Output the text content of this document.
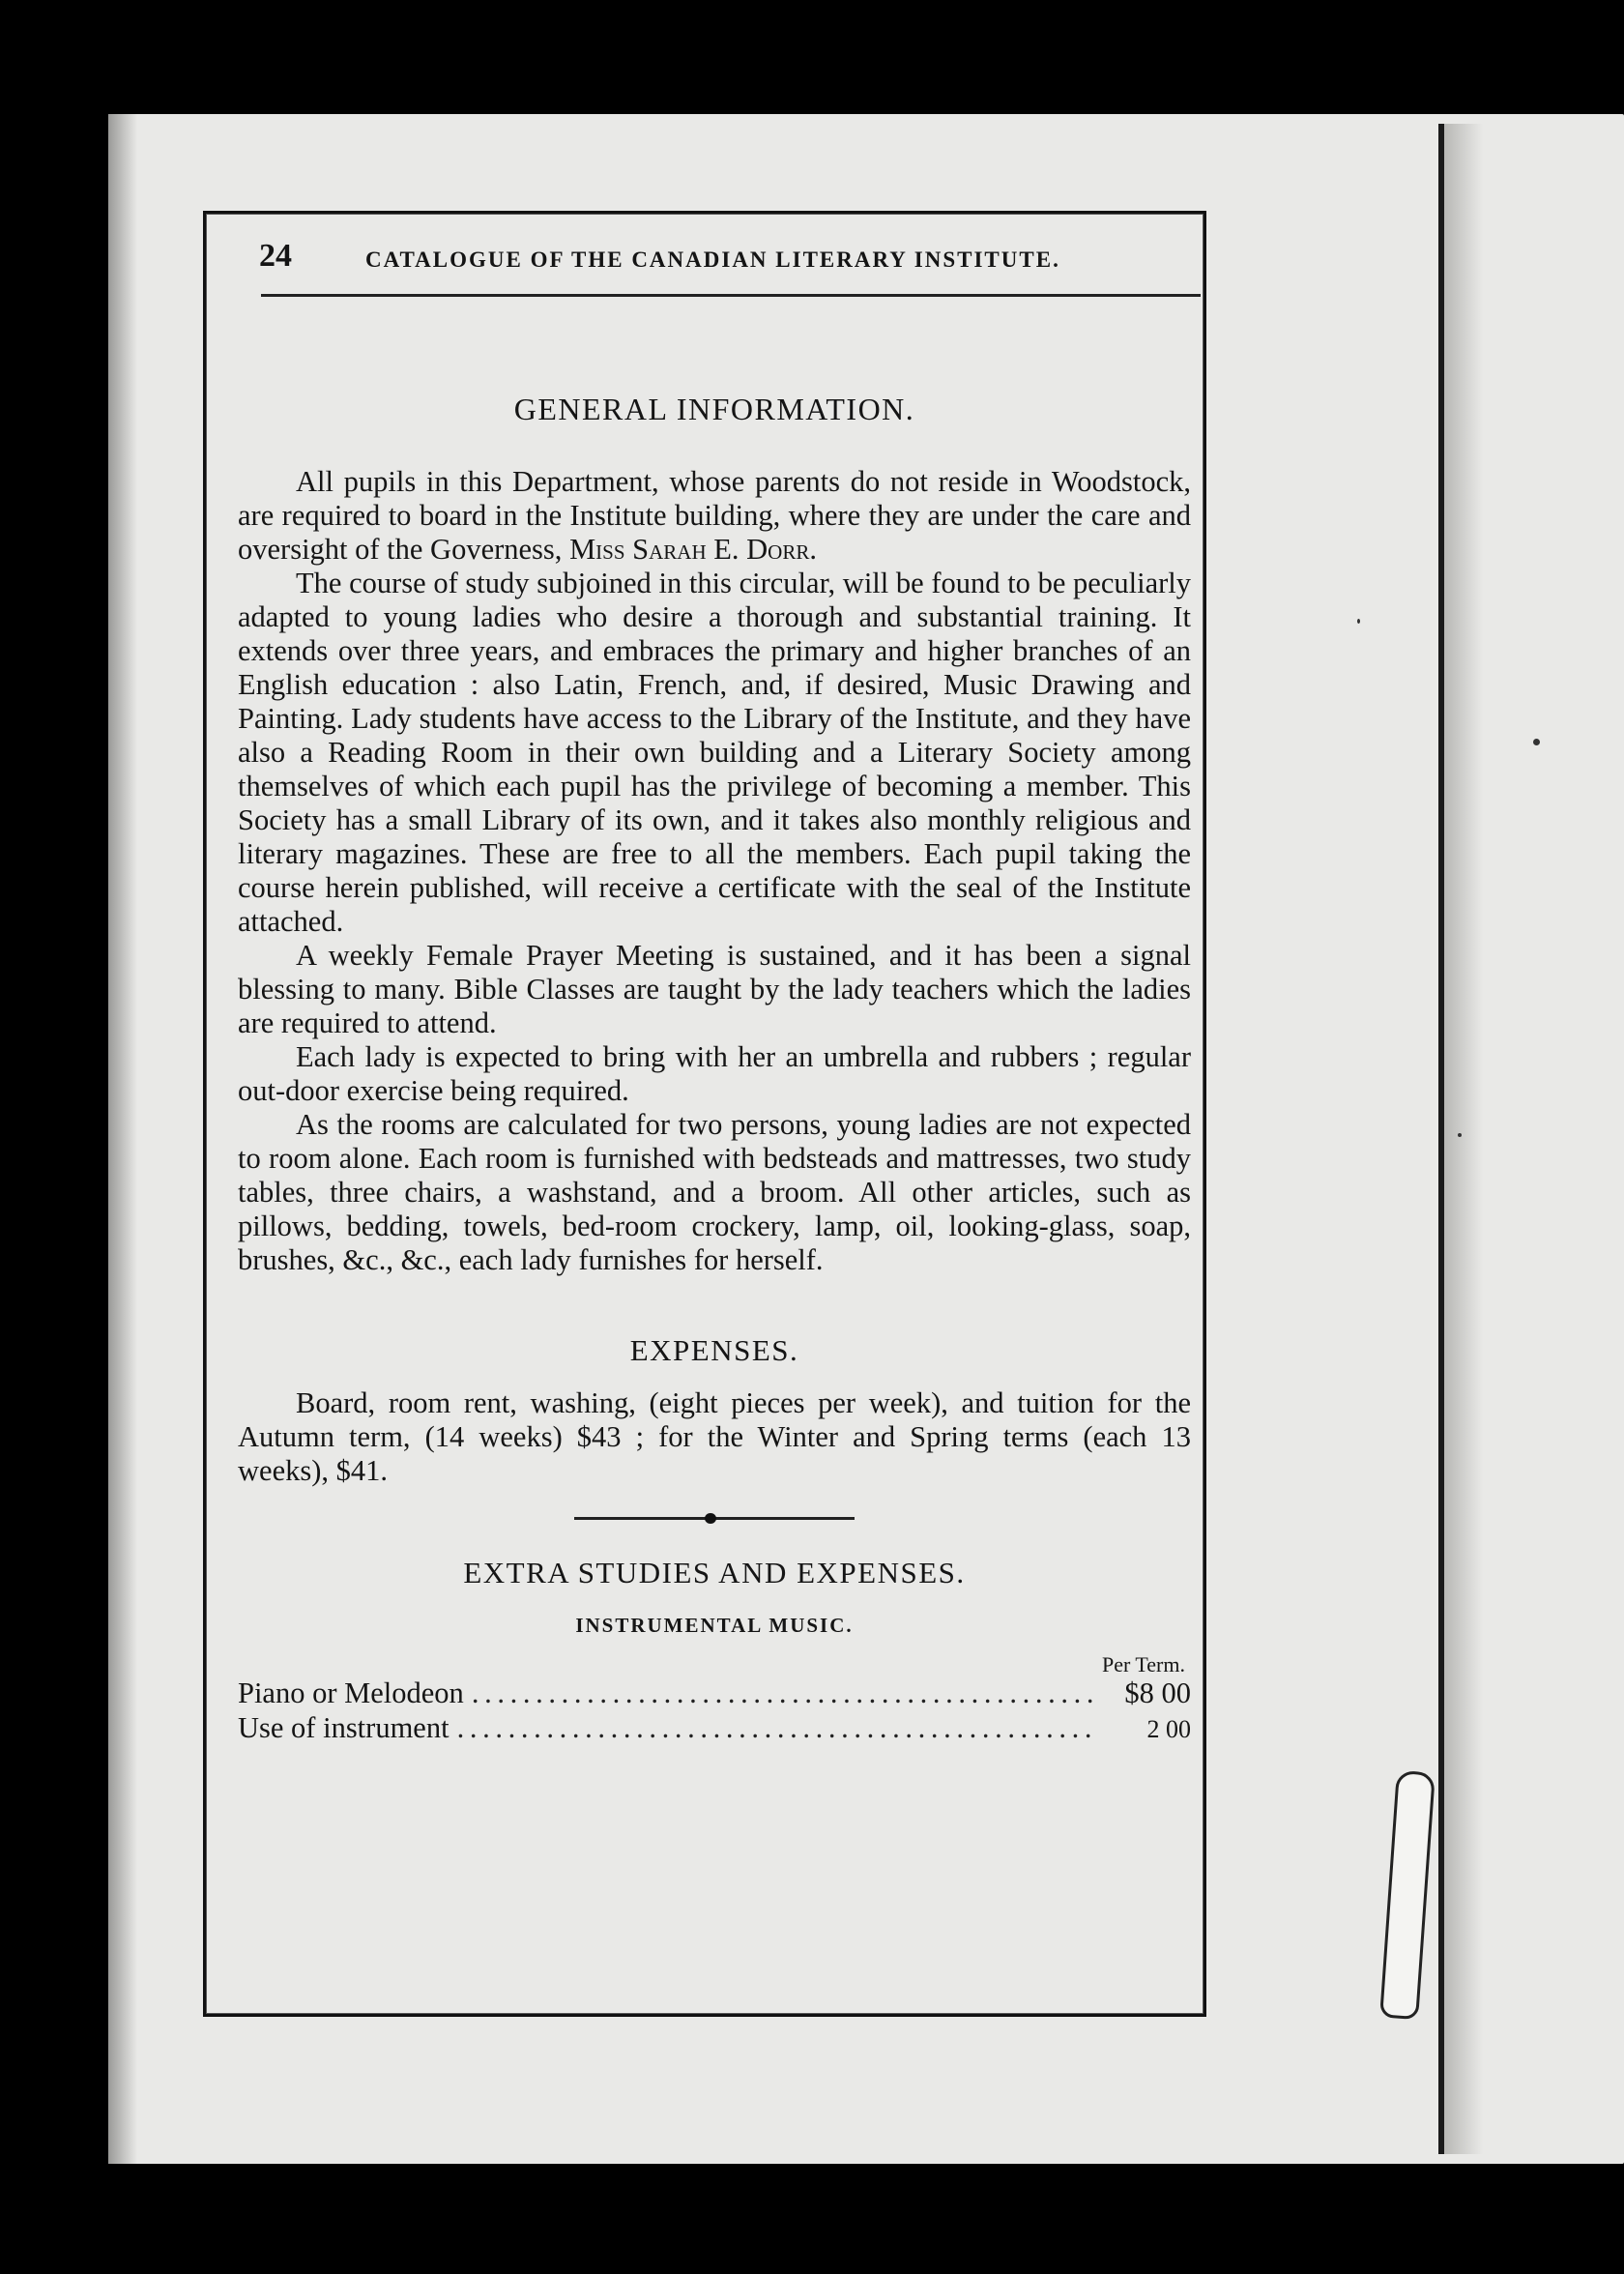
24	CATALOGUE OF THE CANADIAN LITERARY INSTITUTE.
GENERAL INFORMATION.

All pupils in this Department, whose parents do not reside in Woodstock, are required to board in the Institute building, where they are under the care and oversight of the Governess, Miss Sarah E. Dorr.

The course of study subjoined in this circular, will be found to be peculiarly adapted to young ladies who desire a thorough and substantial training. It extends over three years, and embraces the primary and higher branches of an English education : also Latin, French, and, if desired, Music Drawing and Painting. Lady students have access to the Library of the Institute, and they have also a Reading Room in their own building and a Literary Society among themselves of which each pupil has the privilege of becoming a member. This Society has a small Library of its own, and it takes also monthly religious and literary magazines. These are free to all the members. Each pupil taking the course herein published, will receive a certificate with the seal of the Institute attached.

A weekly Female Prayer Meeting is sustained, and it has been a signal blessing to many. Bible Classes are taught by the lady teachers which the ladies are required to attend.

Each lady is expected to bring with her an umbrella and rubbers ; regular out-door exercise being required.

As the rooms are calculated for two persons, young ladies are not expected to room alone. Each room is furnished with bedsteads and mattresses, two study tables, three chairs, a washstand, and a broom. All other articles, such as pillows, bedding, towels, bed-room crockery, lamp, oil, looking-glass, soap, brushes, &c., &c., each lady furnishes for herself.

EXPENSES.

Board, room rent, washing, (eight pieces per week), and tuition for the Autumn term, (14 weeks) $43 ; for the Winter and Spring terms (each 13 weeks), $41.

EXTRA STUDIES AND EXPENSES.
INSTRUMENTAL MUSIC.
Per Term.
Piano or Melodeon . . .	$8 00
Use of instrument . . .	2 00
